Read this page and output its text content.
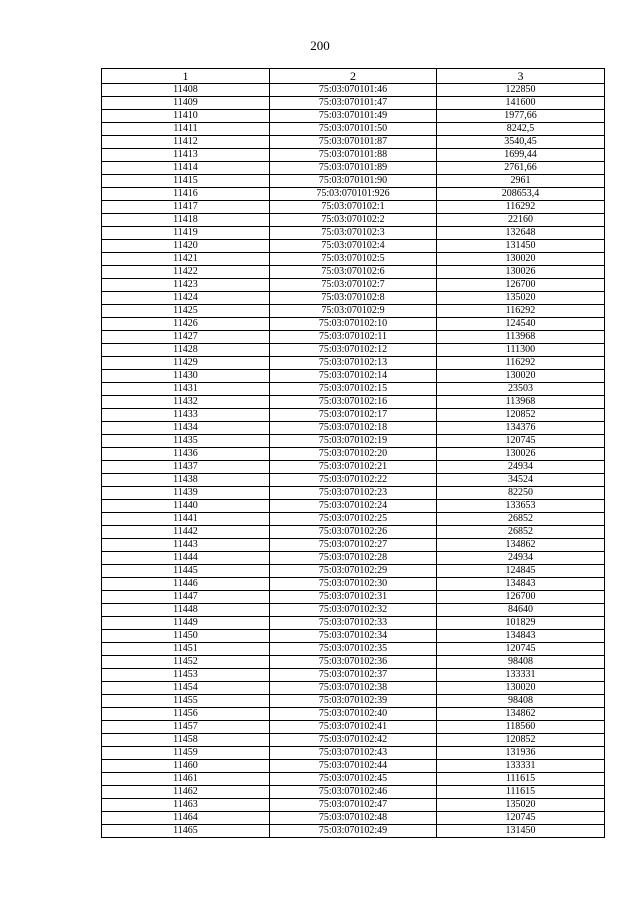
200
1	2	3
11408	75:03:070101:46	122850
11409	75:03:070101:47	141600
11410	75:03:070101:49	1977,66
11411	75:03:070101:50	8242,5
11412	75:03:070101:87	3540,45
11413	75:03:070101:88	1699,44
11414	75:03:070101:89	2761,66
11415	75:03:070101:90	2961
11416	75:03:070101:926	208653,4
11417	75:03:070102:1	116292
11418	75:03:070102:2	22160
11419	75:03:070102:3	132648
11420	75:03:070102:4	131450
11421	75:03:070102:5	130020
11422	75:03:070102:6	130026
11423	75:03:070102:7	126700
11424	75:03:070102:8	135020
11425	75:03:070102:9	116292
11426	75:03:070102:10	124540
11427	75:03:070102:11	113968
11428	75:03:070102:12	111300
11429	75:03:070102:13	116292
11430	75:03:070102:14	130020
11431	75:03:070102:15	23503
11432	75:03:070102:16	113968
11433	75:03:070102:17	120852
11434	75:03:070102:18	134376
11435	75:03:070102:19	120745
11436	75:03:070102:20	130026
11437	75:03:070102:21	24934
11438	75:03:070102:22	34524
11439	75:03:070102:23	82250
11440	75:03:070102:24	133653
11441	75:03:070102:25	26852
11442	75:03:070102:26	26852
11443	75:03:070102:27	134862
11444	75:03:070102:28	24934
11445	75:03:070102:29	124845
11446	75:03:070102:30	134843
11447	75:03:070102:31	126700
11448	75:03:070102:32	84640
11449	75:03:070102:33	101829
11450	75:03:070102:34	134843
11451	75:03:070102:35	120745
11452	75:03:070102:36	98408
11453	75:03:070102:37	133331
11454	75:03:070102:38	130020
11455	75:03:070102:39	98408
11456	75:03:070102:40	134862
11457	75:03:070102:41	118560
11458	75:03:070102:42	120852
11459	75:03:070102:43	131936
11460	75:03:070102:44	133331
11461	75:03:070102:45	111615
11462	75:03:070102:46	111615
11463	75:03:070102:47	135020
11464	75:03:070102:48	120745
11465	75:03:070102:49	131450
